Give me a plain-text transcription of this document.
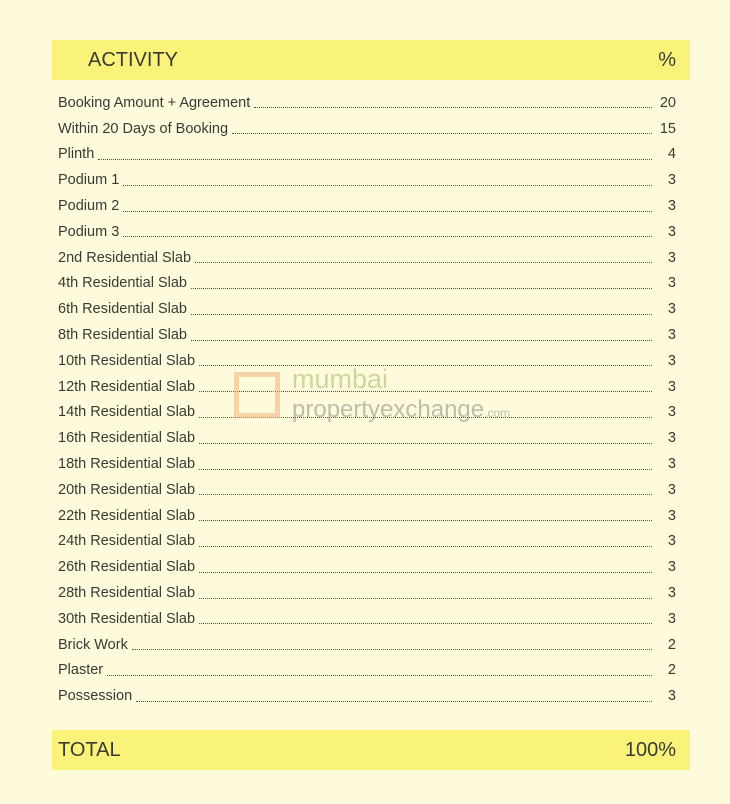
ACTIVITY	%
Booking Amount + Agreement	20
Within 20 Days of Booking	15
Plinth	4
Podium 1	3
Podium 2	3
Podium 3	3
2nd Residential Slab	3
4th Residential Slab	3
6th Residential Slab	3
8th Residential Slab	3
10th Residential Slab	3
12th Residential Slab	3
14th Residential Slab	3
16th Residential Slab	3
18th Residential Slab	3
20th Residential Slab	3
22th Residential Slab	3
24th Residential Slab	3
26th Residential Slab	3
28th Residential Slab	3
30th Residential Slab	3
Brick Work	2
Plaster	2
Possession	3
TOTAL	100%
mumbai
propertyexchange.com
